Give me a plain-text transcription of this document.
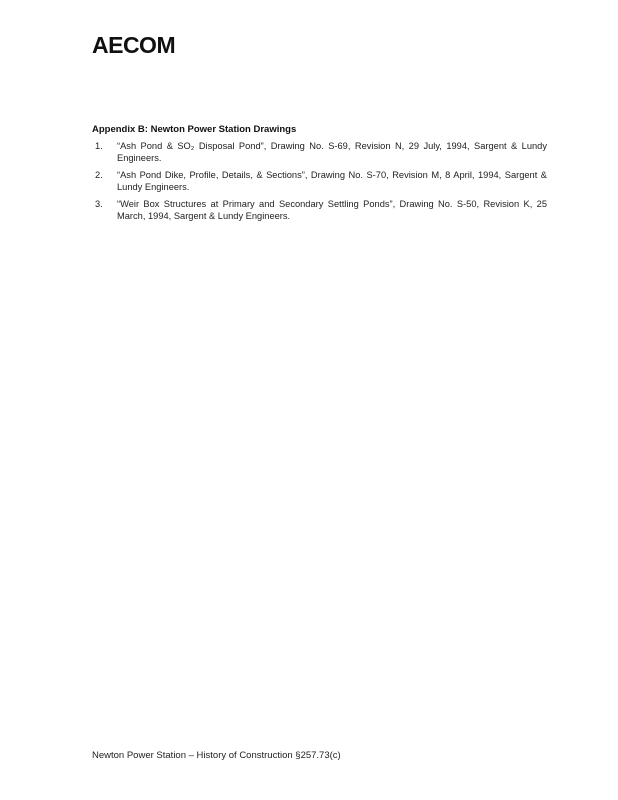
AECOM
Appendix B: Newton Power Station Drawings
1.	“Ash Pond & SO₂ Disposal Pond”, Drawing No. S-69, Revision N, 29 July, 1994, Sargent & Lundy Engineers.
2.	“Ash Pond Dike, Profile, Details, & Sections”, Drawing No. S-70, Revision M, 8 April, 1994, Sargent & Lundy Engineers.
3.	“Weir Box Structures at Primary and Secondary Settling Ponds”, Drawing No. S-50, Revision K, 25 March, 1994, Sargent & Lundy Engineers.
Newton Power Station – History of Construction §257.73(c)
